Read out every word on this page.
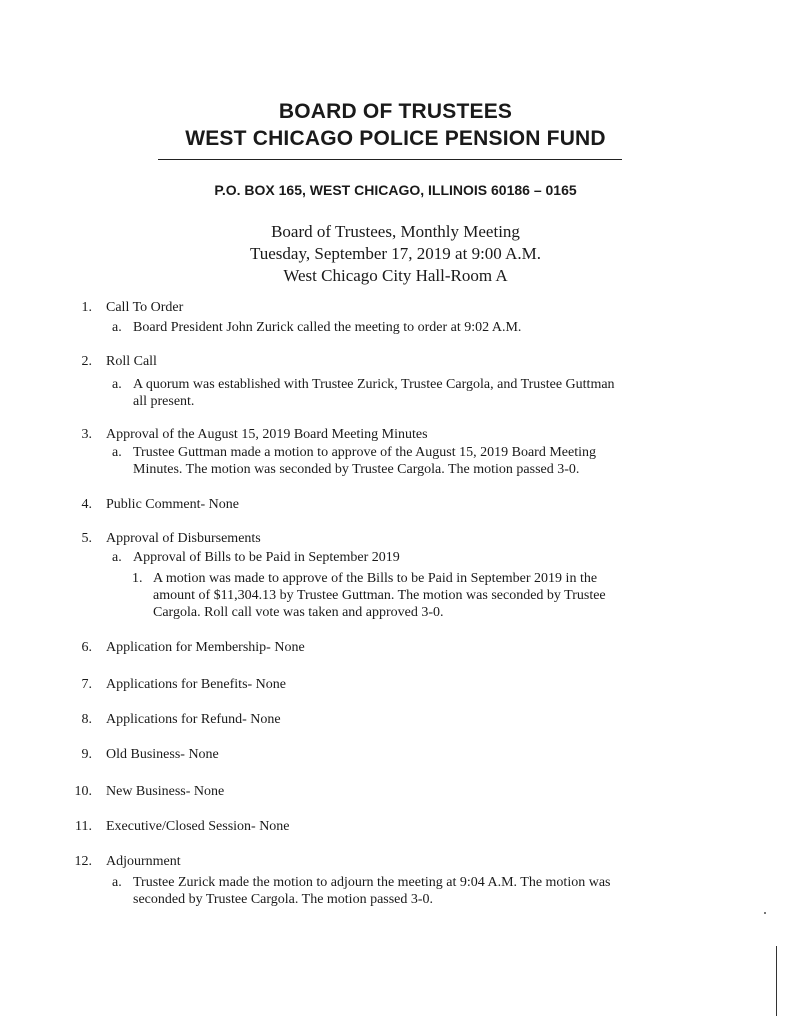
BOARD OF TRUSTEES
WEST CHICAGO POLICE PENSION FUND
P.O. BOX 165, WEST CHICAGO, ILLINOIS 60186 – 0165
Board of Trustees, Monthly Meeting
Tuesday, September 17, 2019 at 9:00 A.M.
West Chicago City Hall-Room A
1. Call To Order
a. Board President John Zurick called the meeting to order at 9:02 A.M.
2. Roll Call
a. A quorum was established with Trustee Zurick, Trustee Cargola, and Trustee Guttman
all present.
3. Approval of the August 15, 2019 Board Meeting Minutes
a. Trustee Guttman made a motion to approve of the August 15, 2019 Board Meeting
Minutes. The motion was seconded by Trustee Cargola. The motion passed 3-0.
4. Public Comment- None
5. Approval of Disbursements
a. Approval of Bills to be Paid in September 2019
1. A motion was made to approve of the Bills to be Paid in September 2019 in the
amount of $11,304.13 by Trustee Guttman. The motion was seconded by Trustee
Cargola. Roll call vote was taken and approved 3-0.
6. Application for Membership- None
7. Applications for Benefits- None
8. Applications for Refund- None
9. Old Business- None
10. New Business- None
11. Executive/Closed Session- None
12. Adjournment
a. Trustee Zurick made the motion to adjourn the meeting at 9:04 A.M. The motion was
seconded by Trustee Cargola. The motion passed 3-0.
